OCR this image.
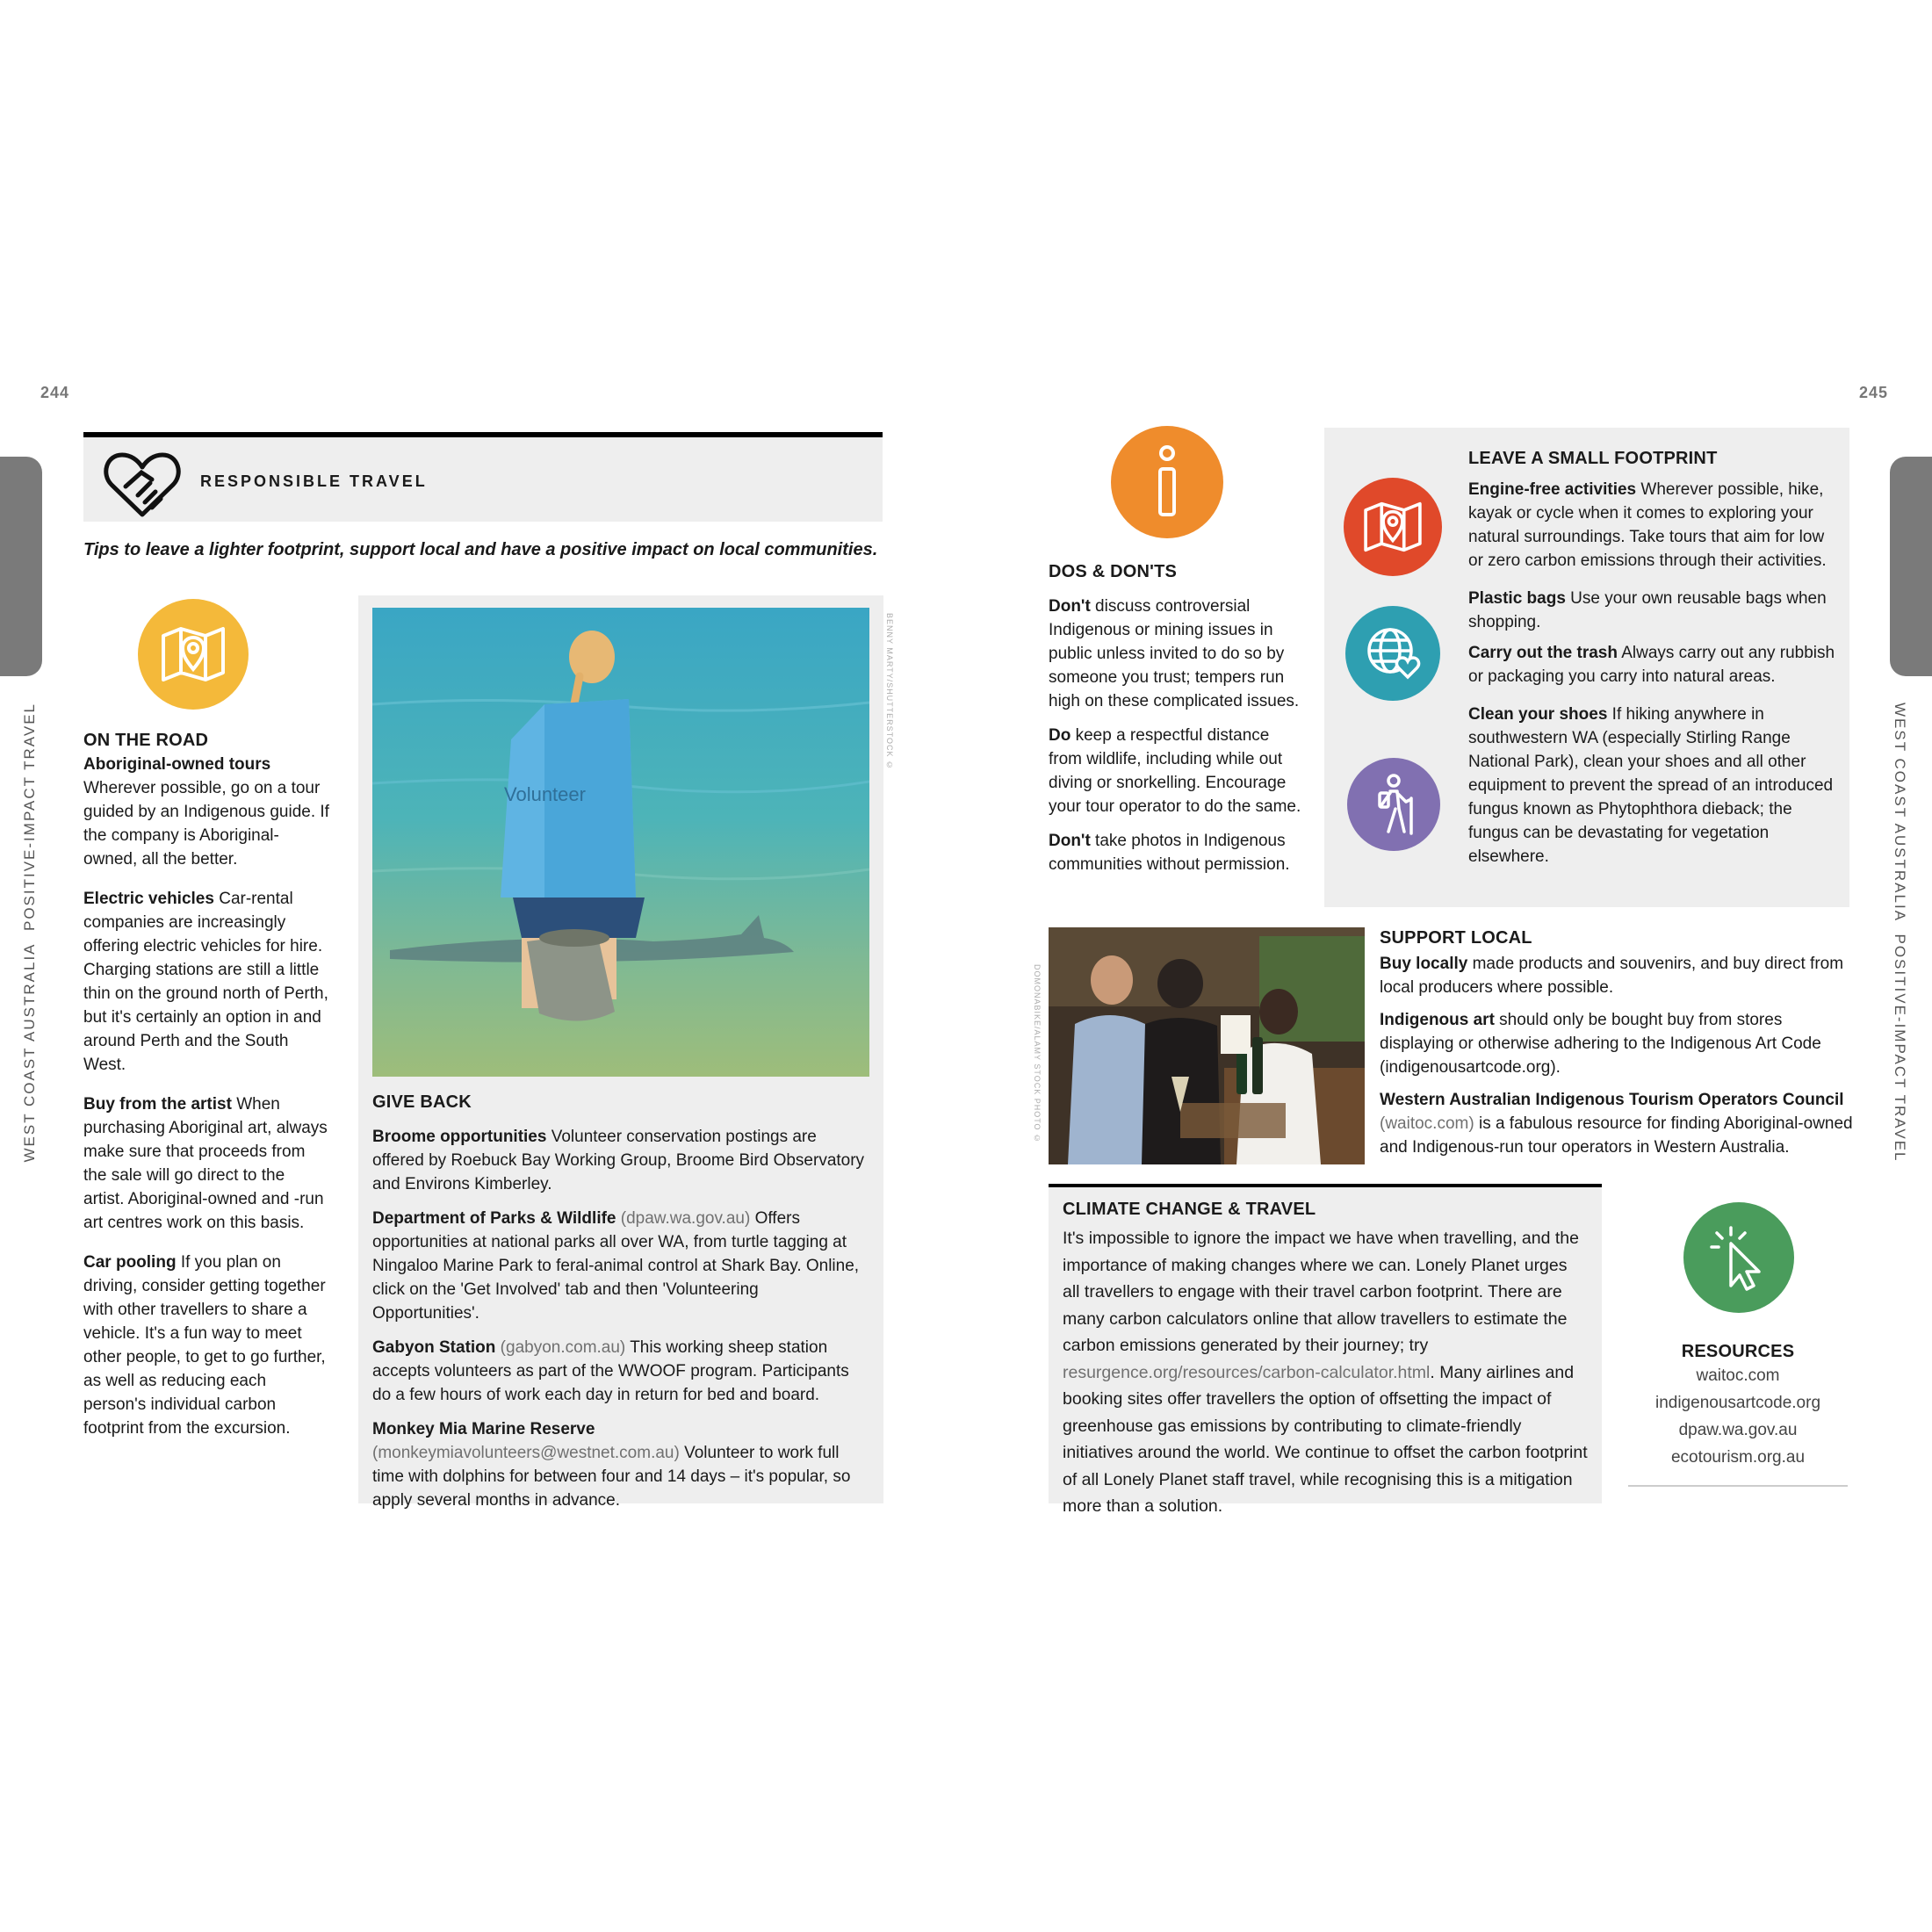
244	245
WEST COAST AUSTRALIA  POSITIVE-IMPACT TRAVEL	WEST COAST AUSTRALIA  POSITIVE-IMPACT TRAVEL
RESPONSIBLE TRAVEL
Tips to leave a lighter footprint, support local and have a positive impact on local communities.
ON THE ROAD
Aboriginal-owned tours
Wherever possible, go on a tour guided by an Indigenous guide. If the company is Aboriginal-owned, all the better.
Electric vehicles Car-rental companies are increasingly offering electric vehicles for hire. Charging stations are still a little thin on the ground north of Perth, but it's certainly an option in and around Perth and the South West.
Buy from the artist When purchasing Aboriginal art, always make sure that proceeds from the sale will go direct to the artist. Aboriginal-owned and -run art centres work on this basis.
Car pooling If you plan on driving, consider getting together with other travellers to share a vehicle. It's a fun way to meet other people, to get to go further, as well as reducing each person's individual carbon footprint from the excursion.
Volunteer
BENNY MARTY/SHUTTERSTOCK ©
GIVE BACK
Broome opportunities Volunteer conservation postings are offered by Roebuck Bay Working Group, Broome Bird Observatory and Environs Kimberley.
Department of Parks & Wildlife (dpaw.wa.gov.au) Offers opportunities at national parks all over WA, from turtle tagging at Ningaloo Marine Park to feral-animal control at Shark Bay. Online, click on the 'Get Involved' tab and then 'Volunteering Opportunities'.
Gabyon Station (gabyon.com.au) This working sheep station accepts volunteers as part of the WWOOF program. Participants do a few hours of work each day in return for bed and board.
Monkey Mia Marine Reserve (monkeymiavolunteers@westnet.com.au) Volunteer to work full time with dolphins for between four and 14 days – it's popular, so apply several months in advance.
DOS & DON'TS
Don't discuss controversial Indigenous or mining issues in public unless invited to do so by someone you trust; tempers run high on these complicated issues.
Do keep a respectful distance from wildlife, including while out diving or snorkelling. Encourage your tour operator to do the same.
Don't take photos in Indigenous communities without permission.
LEAVE A SMALL FOOTPRINT
Engine-free activities Wherever possible, hike, kayak or cycle when it comes to exploring your natural surroundings. Take tours that aim for low or zero carbon emissions through their activities.
Plastic bags Use your own reusable bags when shopping.
Carry out the trash Always carry out any rubbish or packaging you carry into natural areas.
Clean your shoes If hiking anywhere in southwestern WA (especially Stirling Range National Park), clean your shoes and all other equipment to prevent the spread of an introduced fungus known as Phytophthora dieback; the fungus can be devastating for vegetation elsewhere.
DOMONABIKE/ALAMY STOCK PHOTO ©
SUPPORT LOCAL
Buy locally made products and souvenirs, and buy direct from local producers where possible.
Indigenous art should only be bought buy from stores displaying or otherwise adhering to the Indigenous Art Code (indigenousartcode.org).
Western Australian Indigenous Tourism Operators Council (waitoc.com) is a fabulous resource for finding Aboriginal-owned and Indigenous-run tour operators in Western Australia.
CLIMATE CHANGE & TRAVEL
It's impossible to ignore the impact we have when travelling, and the importance of making changes where we can. Lonely Planet urges all travellers to engage with their travel carbon footprint. There are many carbon calculators online that allow travellers to estimate the carbon emissions generated by their journey; try resurgence.org/resources/carbon-calculator.html. Many airlines and booking sites offer travellers the option of offsetting the impact of greenhouse gas emissions by contributing to climate-friendly initiatives around the world. We continue to offset the carbon footprint of all Lonely Planet staff travel, while recognising this is a mitigation more than a solution.
RESOURCES
waitoc.com
indigenousartcode.org
dpaw.wa.gov.au
ecotourism.org.au
